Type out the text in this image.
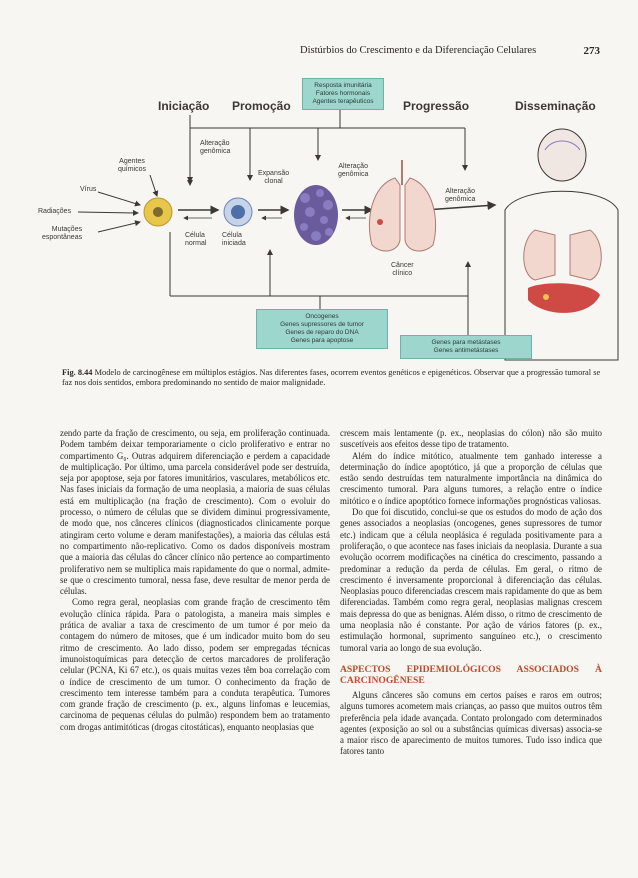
Distúrbios do Crescimento e da Diferenciação Celulares	273
Iniciação Promoção	Progressão	Disseminação
Resposta imunitária
Fatores hormonais
Agentes terapêuticos
Alteração
genômica
Agentes
químicos
Vírus
Radiações
Mutações
espontâneas	Célula
normal
Expansão
clonal
Célula
iniciada
Alteração
genômica
Alteração
genômica
Câncer
clínico
Oncogenes
Genes supressores de tumor
Genes de reparo do DNA
Genes para apoptose	Genes para metástases
Genes antimetástases
Fig. 8.44 Modelo de carcinogênese em múltiplos estágios. Nas diferentes fases, ocorrem eventos genéticos e epigenéticos. Observar que a progressão tumoral se faz nos dois sentidos, embora predominando no sentido de maior malignidade.

zendo parte da fração de crescimento, ou seja, em proliferação continuada. Podem também deixar temporariamente o ciclo proliferativo e entrar no compartimento G₀. Outras adquirem diferenciação e perdem a capacidade de multiplicação. Por último, uma parcela considerável pode ser destruída, seja por apoptose, seja por fatores imunitários, vasculares, metabólicos etc. Nas fases iniciais da formação de uma neoplasia, a maioria de suas células está em multiplicação (na fração de crescimento). Com o evoluir do processo, o número de células que se dividem diminui progressivamente, de modo que, nos cânceres clínicos (diagnosticados clinicamente porque atingiram certo volume e deram manifestações), a maioria das células está no compartimento não-replicativo. Como os dados disponíveis mostram que a maioria das células do câncer clínico não pertence ao compartimento proliferativo nem se multiplica mais rapidamente do que o normal, admite-se que o crescimento tumoral, nessa fase, deve resultar de menor perda de células.

Como regra geral, neoplasias com grande fração de crescimento têm evolução clínica rápida. Para o patologista, a maneira mais simples e prática de avaliar a taxa de crescimento de um tumor é por meio da contagem do número de mitoses, que é um indicador muito bom do seu ritmo de crescimento. Ao lado disso, podem ser empregadas técnicas imunoistoquímicas para detecção de certos marcadores de proliferação celular (PCNA, Ki 67 etc.), os quais muitas vezes têm boa correlação com o índice de crescimento de um tumor. O conhecimento da fração de crescimento tem interesse também para a conduta terapêutica. Tumores com grande fração de crescimento (p. ex., alguns linfomas e leucemias, carcinoma de pequenas células do pulmão) respondem bem ao tratamento com drogas antimitóticas (drogas citostáticas), enquanto neoplasias que

crescem mais lentamente (p. ex., neoplasias do cólon) não são muito suscetíveis aos efeitos desse tipo de tratamento.

Além do índice mitótico, atualmente tem ganhado interesse a determinação do índice apoptótico, já que a proporção de células que estão sendo destruídas tem naturalmente importância na dinâmica do crescimento tumoral. Para alguns tumores, a relação entre o índice mitótico e o índice apoptótico fornece informações prognósticas valiosas.

Do que foi discutido, conclui-se que os estudos do modo de ação dos genes associados a neoplasias (oncogenes, genes supressores de tumor etc.) indicam que a célula neoplásica é regulada positivamente para a proliferação, o que acontece nas fases iniciais da neoplasia. Durante a sua evolução ocorrem modificações na cinética do crescimento, passando a predominar a redução da perda de células. Em geral, o ritmo de crescimento é inversamente proporcional à diferenciação das células. Neoplasias pouco diferenciadas crescem mais rapidamente do que as bem diferenciadas. Também como regra geral, neoplasias malignas crescem mais depressa do que as benignas. Além disso, o ritmo de crescimento de uma neoplasia não é constante. Por ação de vários fatores (p. ex., estimulação hormonal, suprimento sanguíneo etc.), o crescimento tumoral varia ao longo de sua evolução.

ASPECTOS EPIDEMIOLÓGICOS ASSOCIADOS À CARCINOGÊNESE

Alguns cânceres são comuns em certos países e raros em outros; alguns tumores acometem mais crianças, ao passo que muitos outros têm preferência pela idade avançada. Contato prolongado com determinados agentes (exposição ao sol ou a substâncias químicas diversas) associa-se a maior risco de aparecimento de muitos tumores. Tudo isso indica que fatores tanto
